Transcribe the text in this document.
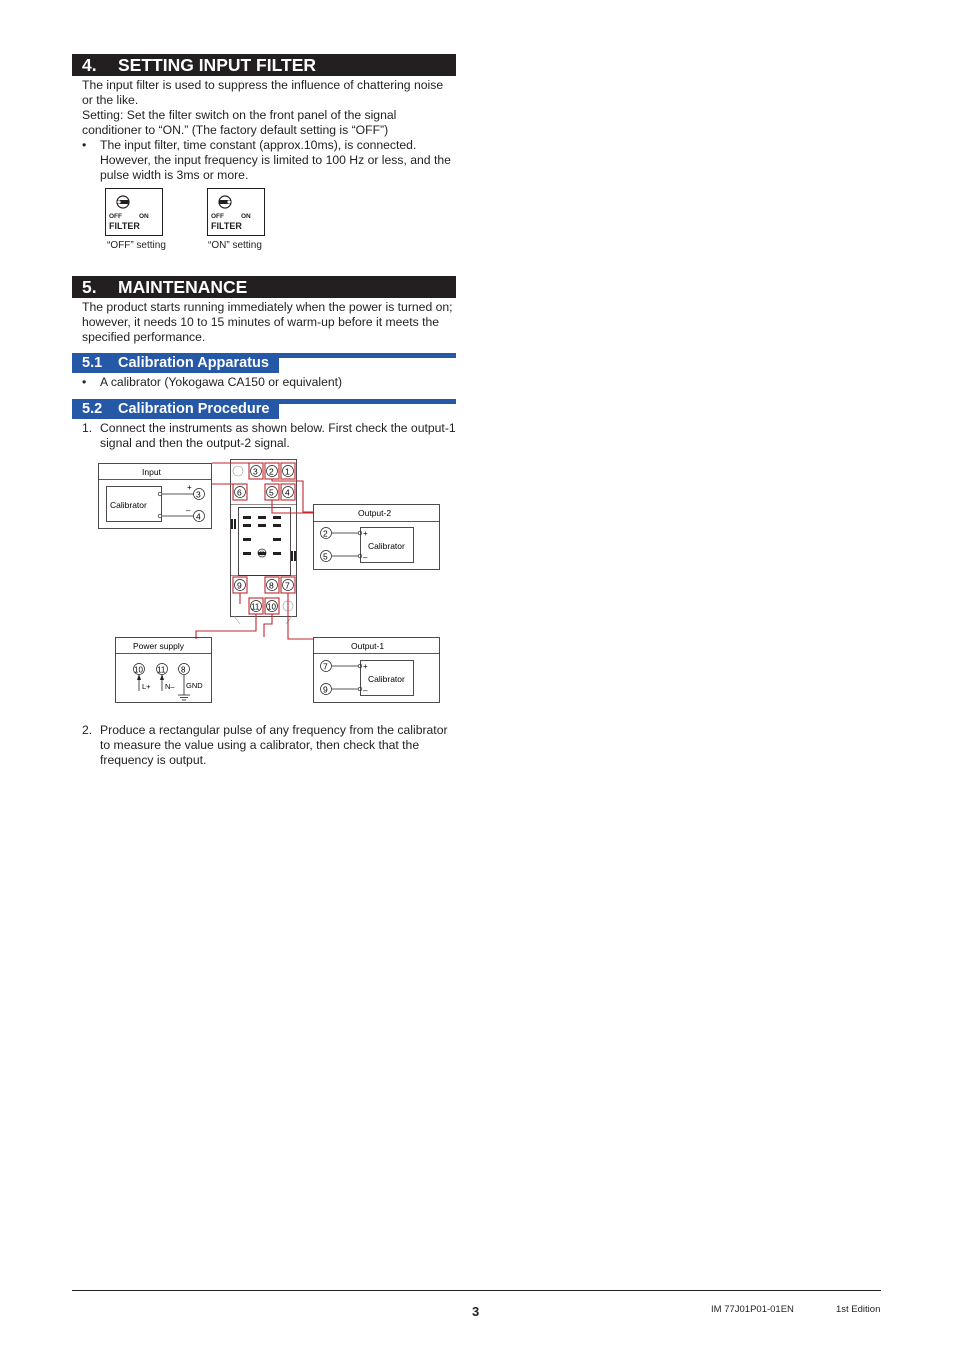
4. SETTING INPUT FILTER

The input filter is used to suppress the influence of chattering noise or the like.

Setting: Set the filter switch on the front panel of the signal conditioner to “ON.” (The factory default setting is “OFF”)

• The input filter, time constant (approx.10ms), is connected. However, the input frequency is limited to 100 Hz or less, and the pulse width is 3ms or more.
OFF	ON
FILTER
“OFF” setting
OFF	ON
FILTER
“ON” setting
5. MAINTENANCE

The product starts running immediately when the power is turned on; however, it needs 10 to 15 minutes of warm-up before it meets the specified performance.

5.1 Calibration Apparatus
• A calibrator (Yokogawa CA150 or equivalent)
5.2 Calibration Procedure
1. Connect the instruments as shown below. First check the output-1 signal and then the output-2 signal.
Input
Calibrator
+
–
3
4
3 2 1
6	5 4
9	8 7
11 10
Output-2
2
5
+
–
Calibrator
Power supply
10 11 8
L+ N– GND
Output-1
7
9
+
–
Calibrator
2. Produce a rectangular pulse of any frequency from the calibrator to measure the value using a calibrator, then check that the frequency is output.
3	IM 77J01P01-01EN	1st Edition
